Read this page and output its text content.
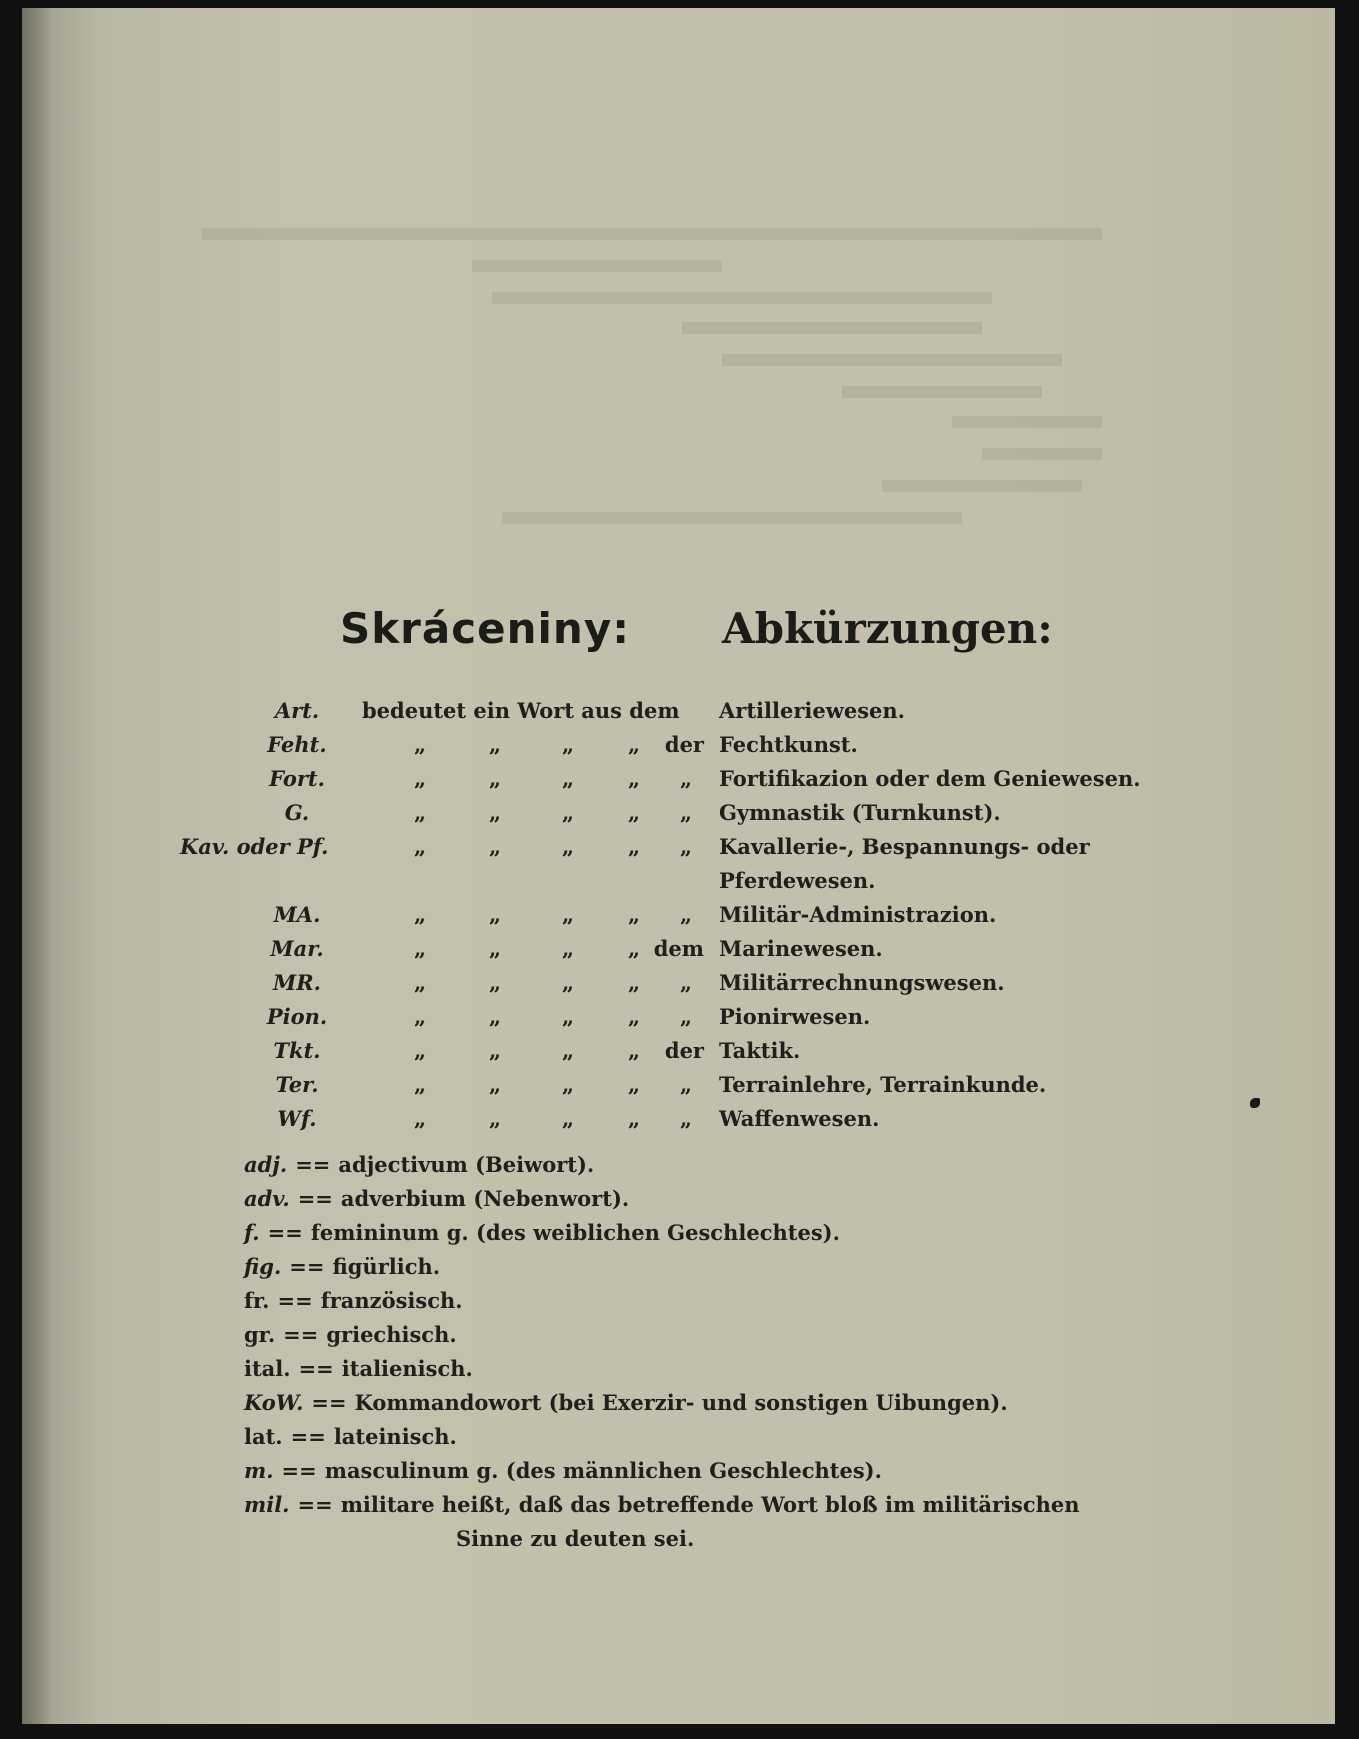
Skráceniny: Abkürzungen:
Art.	bedeutet ein Wort aus dem Artilleriewesen.
Feht.	„	„	„	„	der Fechtkunst.
Fort.	„	„	„	„ „ Fortifikazion oder dem Geniewesen.
G.	„	„	„	„ „ Gymnastik (Turnkunst).
Kav. oder Pf.	„	„	„	„ „ Kavallerie-, Bespannungs- oder
Pferdewesen.
MA.	„	„	„	„ „ Militär-Administrazion.
Mar.	„	„	„	„ dem Marinewesen.
MR.	„	„	„	„ „ Militärrechnungswesen.
Pion.	„	„	„	„ „ Pionirwesen.
Tkt.	„	„	„	„	der Taktik.
Ter.	„	„	„	„ „ Terrainlehre, Terrainkunde.
Wf.	„	„	„	„ „ Waffenwesen.
adj. == adjectivum (Beiwort).
adv. == adverbium (Nebenwort).
f. == femininum g. (des weiblichen Geschlechtes).
fig. == figürlich.
fr. == französisch.
gr. == griechisch.
ital. == italienisch.
KoW. == Kommandowort (bei Exerzir- und sonstigen Uibungen).
lat. == lateinisch.
m. == masculinum g. (des männlichen Geschlechtes).
mil. == militare heißt, daß das betreffende Wort bloß im militärischen
Sinne zu deuten sei.
